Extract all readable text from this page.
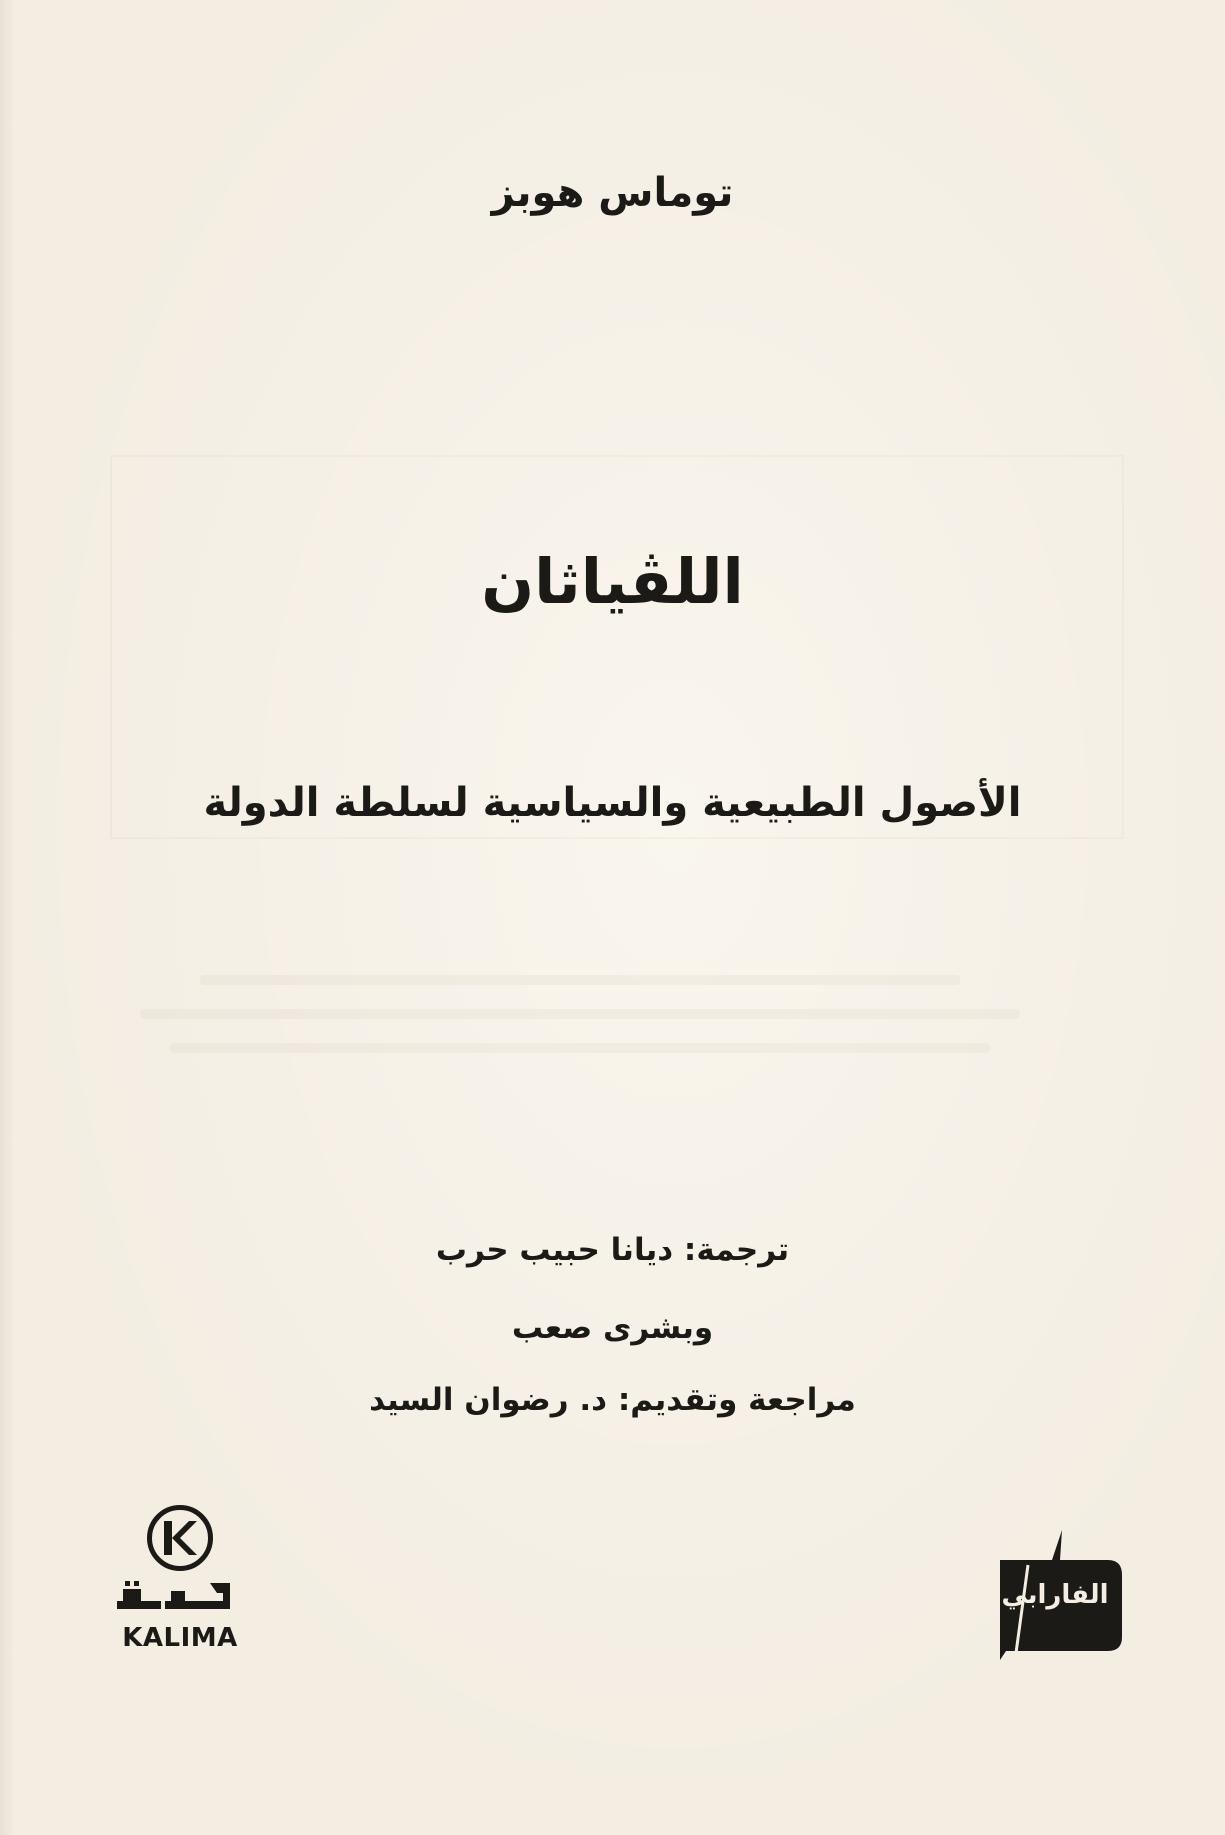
توماس هوبز

اللڤياثان
الأصول الطبيعية والسياسية لسلطة الدولة

ترجمة: ديانا حبيب حرب

وبشرى صعب

مراجعة وتقديم: د. رضوان السيد

KALIMA
الفارابي
